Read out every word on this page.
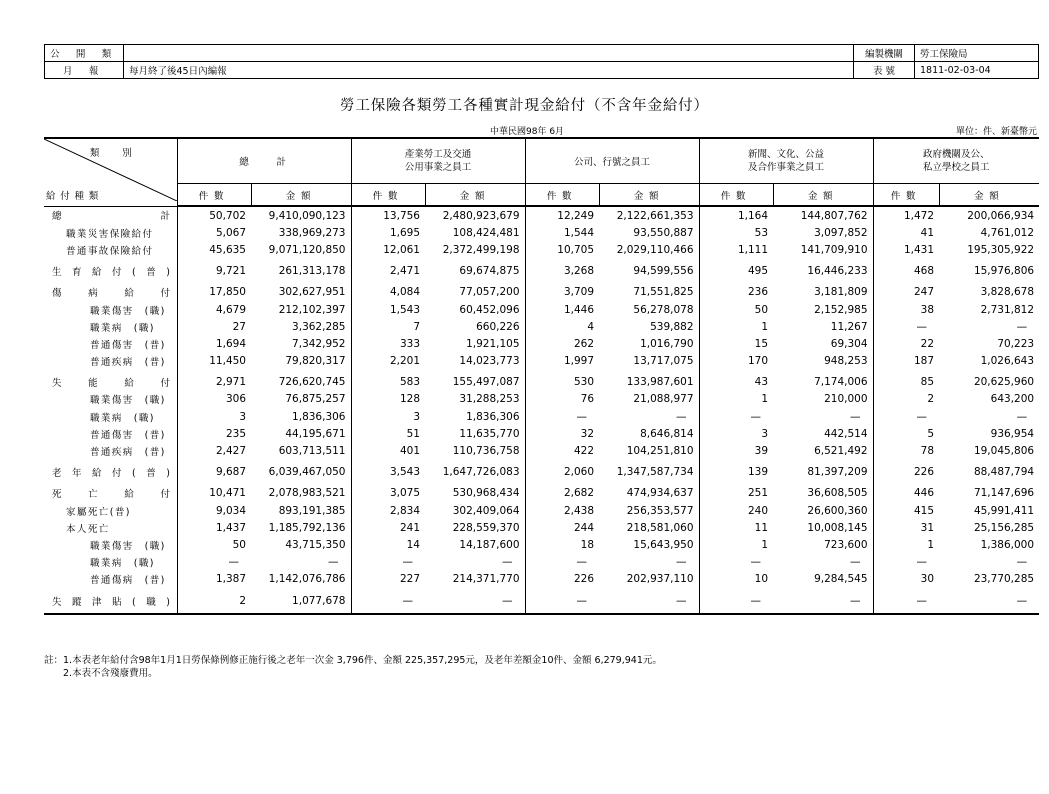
公 開 類	
月 報	每月終了後45日內編報
編製機關	勞工保險局
表 號	1811-02-03-04
勞工保險各類勞工各種實計現金給付（不含年金給付）
中華民國98年 6月	單位：件、新臺幣元
類別
給付種類	總　　計		產業勞工及交通
公用事業之員工		公司、行號之員工		新聞、文化、公益
及合作事業之員工		政府機關及公、
私立學校之員工	
	件數	金額	件數	金額	件數	金額	件數	金額	件數	金額
總　　　　計	50,702	9,410,090,123	13,756	2,480,923,679	12,249	2,122,661,353	1,164	144,807,762	1,472	200,066,934
職業災害保險給付	5,067	338,969,273	1,695	108,424,481	1,544	93,550,887	53	3,097,852	41	4,761,012
普通事故保險給付	45,635	9,071,120,850	12,061	2,372,499,198	10,705	2,029,110,466	1,111	141,709,910	1,431	195,305,922
生育給付(普)	9,721	261,313,178	2,471	69,674,875	3,268	94,599,556	495	16,446,233	468	15,976,806
傷病給付	17,850	302,627,951	4,084	77,057,200	3,709	71,551,825	236	3,181,809	247	3,828,678
職業傷害　(職)	4,679	212,102,397	1,543	60,452,096	1,446	56,278,078	50	2,152,985	38	2,731,812
職業病　(職)	27	3,362,285	7	660,226	4	539,882	1	11,267	—	—
普通傷害　(普)	1,694	7,342,952	333	1,921,105	262	1,016,790	15	69,304	22	70,223
普通疾病　(普)	11,450	79,820,317	2,201	14,023,773	1,997	13,717,075	170	948,253	187	1,026,643
失能給付	2,971	726,620,745	583	155,497,087	530	133,987,601	43	7,174,006	85	20,625,960
職業傷害　(職)	306	76,875,257	128	31,288,253	76	21,088,977	1	210,000	2	643,200
職業病　(職)	3	1,836,306	3	1,836,306	—	—	—	—	—	—
普通傷害　(普)	235	44,195,671	51	11,635,770	32	8,646,814	3	442,514	5	936,954
普通疾病　(普)	2,427	603,713,511	401	110,736,758	422	104,251,810	39	6,521,492	78	19,045,806
老年給付(普)	9,687	6,039,467,050	3,543	1,647,726,083	2,060	1,347,587,734	139	81,397,209	226	88,487,794
死亡給付	10,471	2,078,983,521	3,075	530,968,434	2,682	474,934,637	251	36,608,505	446	71,147,696
家屬死亡(普)	9,034	893,191,385	2,834	302,409,064	2,438	256,353,577	240	26,600,360	415	45,991,411
本人死亡	1,437	1,185,792,136	241	228,559,370	244	218,581,060	11	10,008,145	31	25,156,285
職業傷害　(職)	50	43,715,350	14	14,187,600	18	15,643,950	1	723,600	1	1,386,000
職業病　(職)	—	—	—	—	—	—	—	—	—	—
普通傷病　(普)	1,387	1,142,076,786	227	214,371,770	226	202,937,110	10	9,284,545	30	23,770,285
失蹤津貼(職)	2	1,077,678	—	—	—	—	—	—	—	—
註：1.本表老年給付含98年1月1日勞保條例修正施行後之老年一次金 3,796件、金額 225,357,295元，及老年差額金10件、金額 6,279,941元。
　　2.本表不含殘廢費用。
